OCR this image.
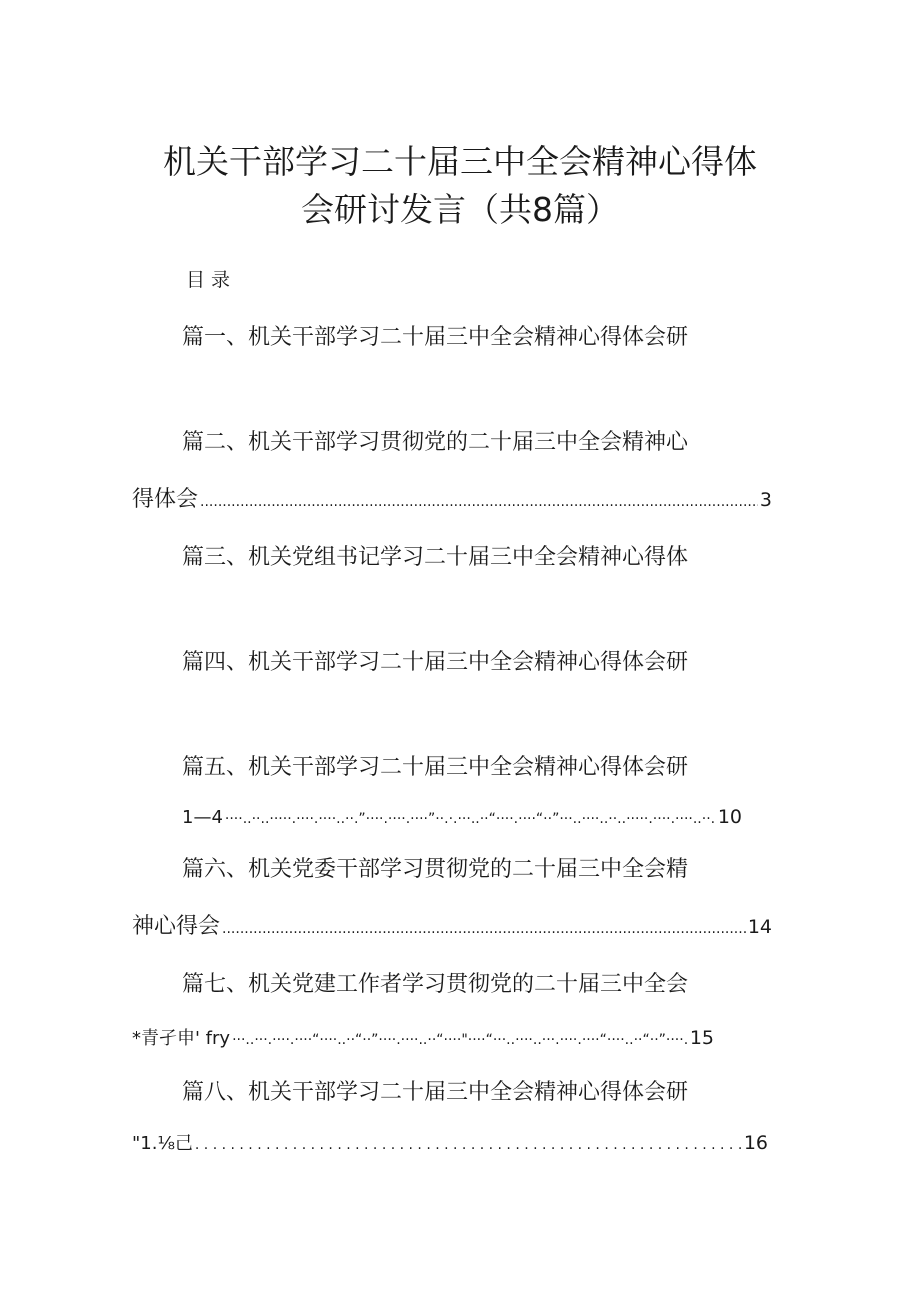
机关干部学习二十届三中全会精神心得体
会研讨发言（共8篇）
目录
篇一、机关干部学习二十届三中全会精神心得体会研
篇二、机关干部学习贯彻党的二十届三中全会精神心
得体会 .....	3
篇三、机关党组书记学习二十届三中全会精神心得体
篇四、机关干部学习二十届三中全会精神心得体会研
篇五、机关干部学习二十届三中全会精神心得体会研
1—4 ····..··..·····.····.····..··.”····.····.····”··.·.···..··“····.····“··”···..····..··..·····.····.····..··.”	10
篇六、机关党委干部学习贯彻党的二十届三中全会精
神心得会 .....	14
篇七、机关党建工作者学习贯彻党的二十届三中全会
*青孑申' fry ···..···.····.····“····..··“··”····.····..··“····"····“···..····..···.····.····“····..··“··”····.····..··	15
篇八、机关干部学习二十届三中全会精神心得体会研
"1.⅛己 . . .	16
